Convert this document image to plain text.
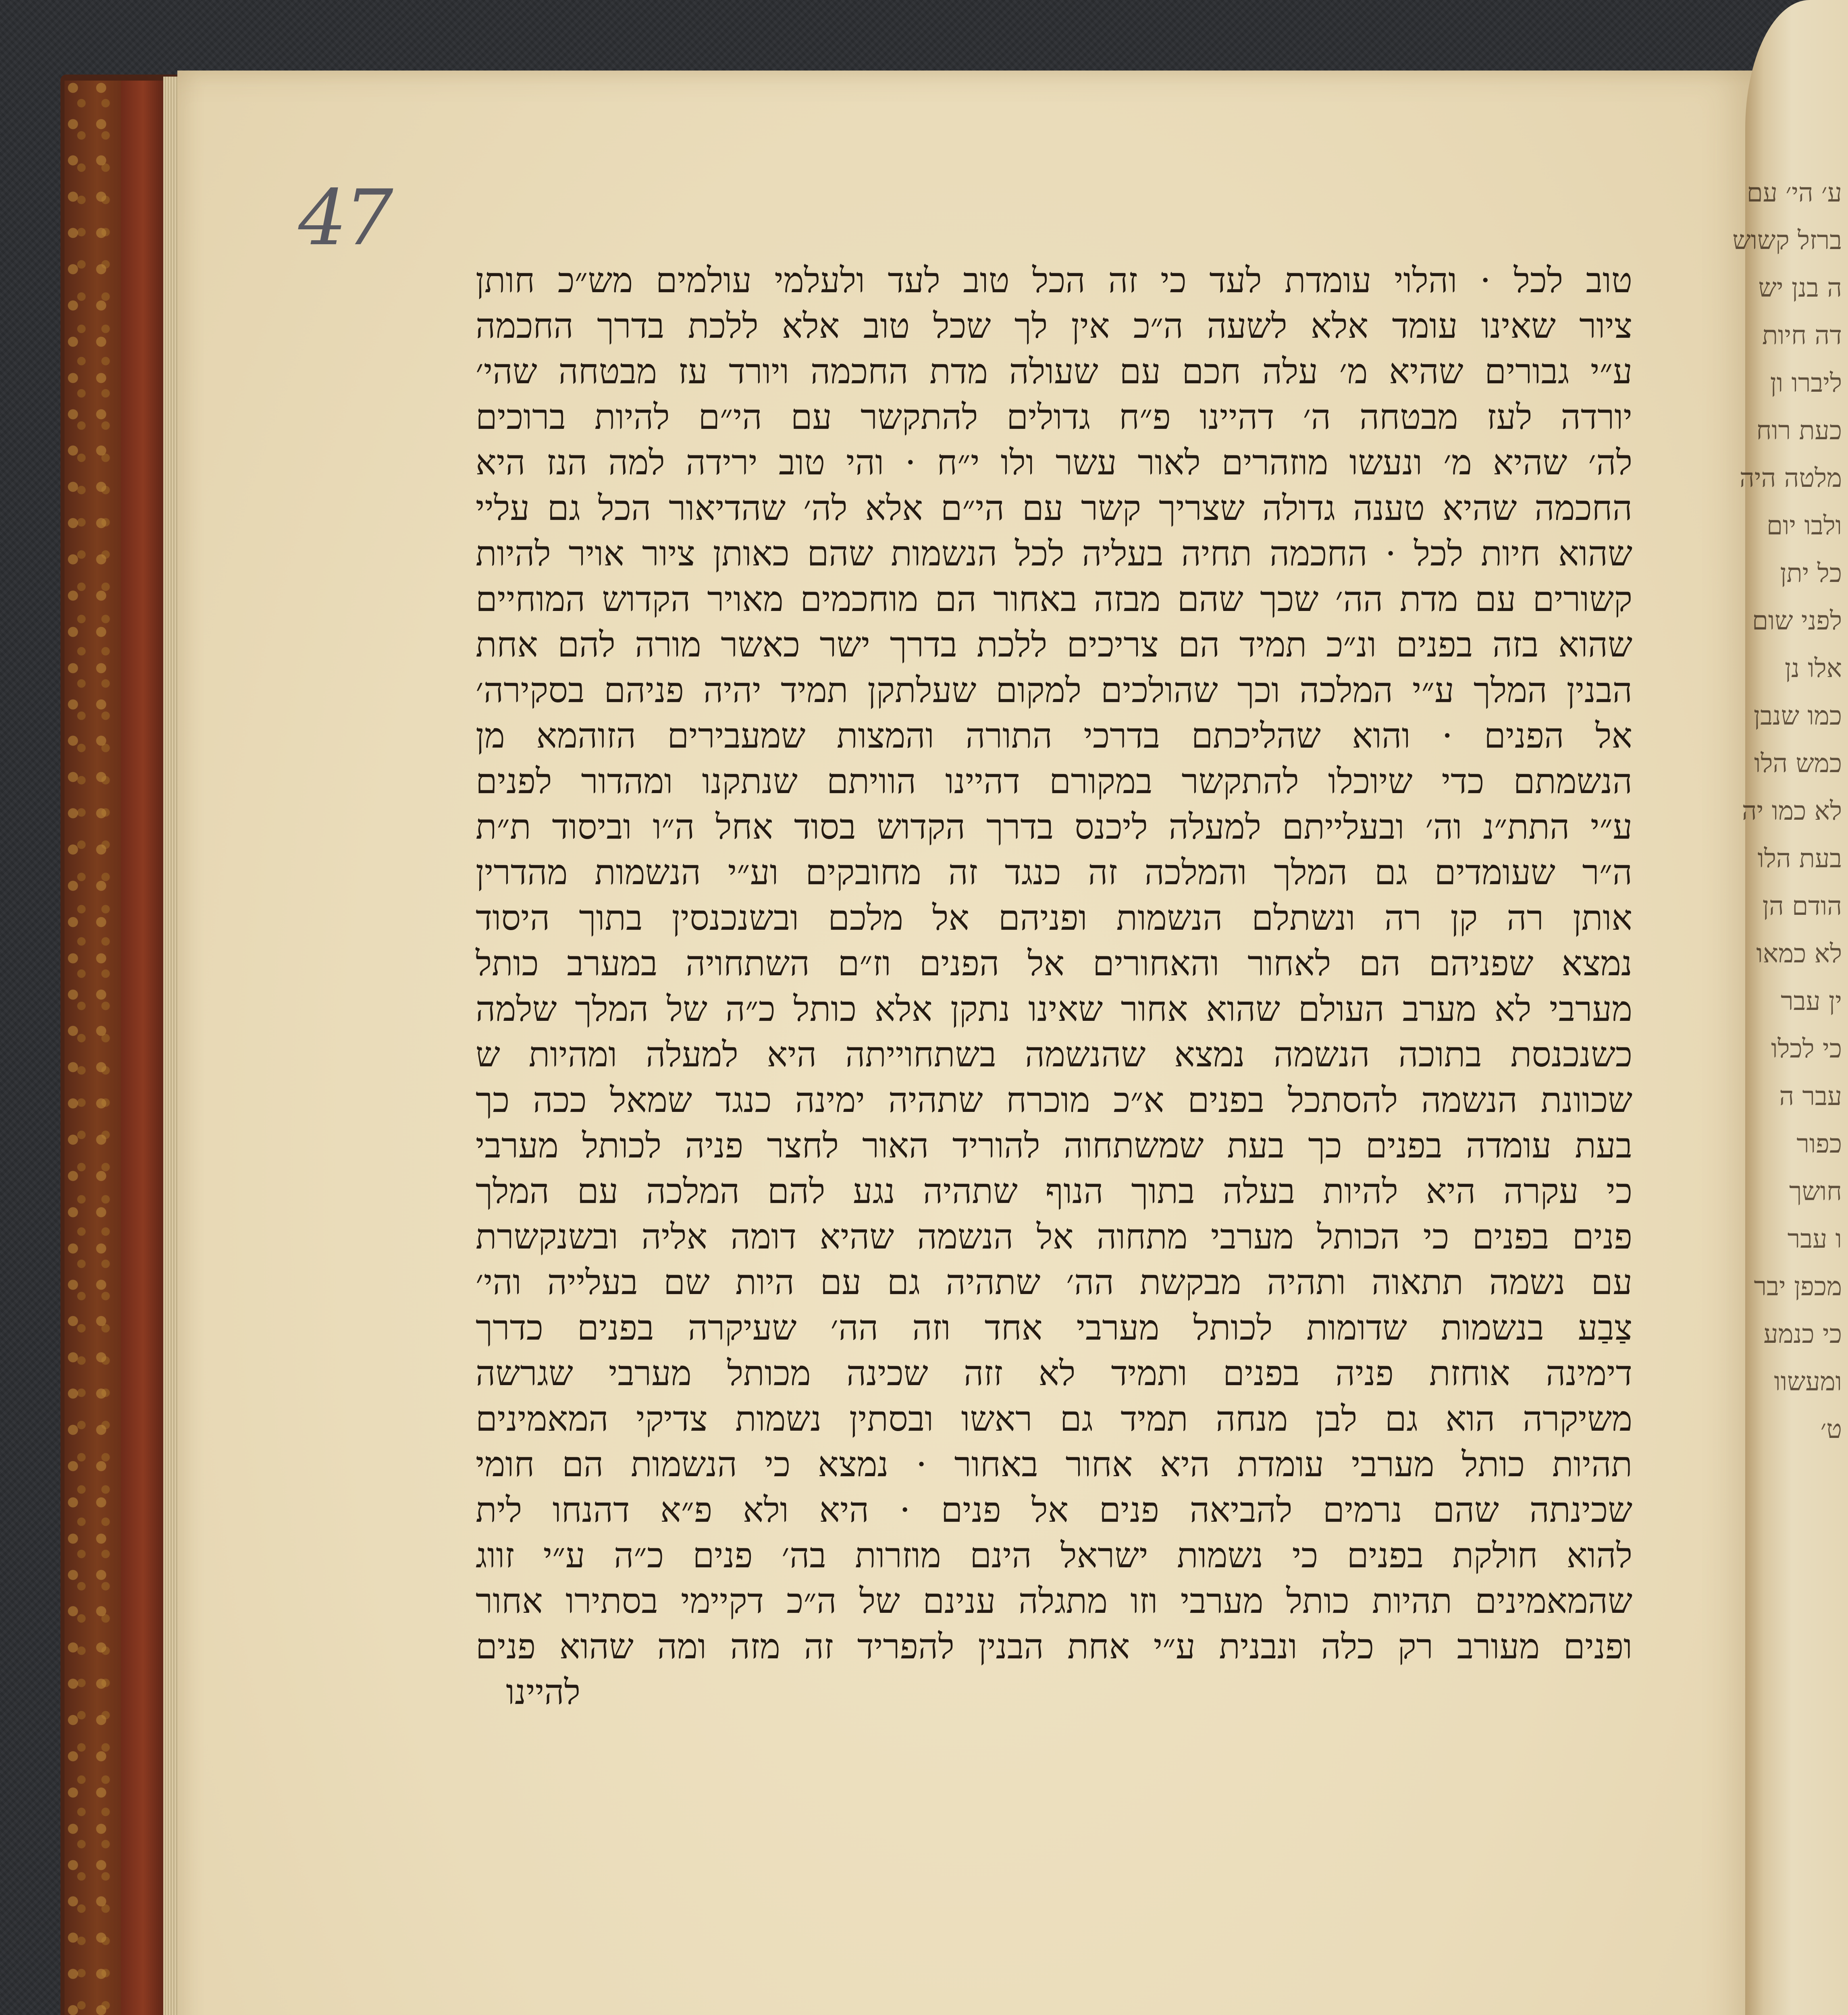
ע׳ הי׳ עם
ברזל קשוש
ה בנן יש
דה חיות
ליברו ון
כעת רוח
מלטה היה
ולבו יום
כל יתן
לפני שום
אלו נן
כמו שנבן
כמש הלו
לא כמו יה
בעת הלו
הודם הן
לא כמאו
ין עבר
כי לכלו
עבר ה
כפור
חושך
ו עבר
מכפן יבר
כי כנמע
ומעשוו
ט׳
47
טוב לכל · והלוי עומדת לעד כי זה הכל טוב לעד ולעלמי עולמים מש״כ חותן
ציור שאינו עומד אלא לשעה ה״כ אין לך שכל טוב אלא ללכת בדרך החכמה
ע״י גבורים שהיא מ׳ עלה חכם עם שעולה מדת החכמה ויורד עז מבטחה שהי׳
יורדה לעז מבטחה ה׳ דהיינו פ״ח גדולים להתקשר עם הי״ם להיות ברוכים
לה׳ שהיא מ׳ ונעשו מוזהרים לאור עשר ולו י״ח · והי טוב ירידה למה הנז היא
החכמה שהיא טענה גדולה שצריך קשר עם הי״ם אלא לה׳ שהדיאור הכל גם עליי
שהוא חיות לכל · החכמה תחיה בעליה לכל הנשמות שהם כאותן ציור אויר להיות
קשורים עם מדת הה׳ שכך שהם מבזה באחור הם מוחכמים מאויר הקדוש המוחיים
שהוא בזה בפנים ונ״כ תמיד הם צריכים ללכת בדרך ישר כאשר מורה להם אחת
הבנין המלך ע״י המלכה וכך שהולכים למקום שעלתקן תמיד יהיה פניהם בסקירה׳
אל הפנים · והוא שהליכתם בדרכי התורה והמצות שמעבירים הזוהמא מן
הנשמתם כדי שיוכלו להתקשר במקורם דהיינו הוויתם שנתקנו ומהדור לפנים
ע״י התת״נ וה׳ ובעלייתם למעלה ליכנס בדרך הקדוש בסוד אחל ה״ו וביסוד ת״ת
ה״ר שעומדים גם המלך והמלכה זה כנגד זה מחובקים וע״י הנשמות מהדרין
אותן רה קן רה ונשתלם הנשמות ופניהם אל מלכם ובשנכנסין בתוך היסוד
נמצא שפניהם הם לאחור והאחורים אל הפנים וז״ם השתחויה במערב כותל
מערבי לא מערב העולם שהוא אחור שאינו נתקן אלא כותל כ״ה של המלך שלמה
כשנכנסת בתוכה הנשמה נמצא שהנשמה בשתחוייתה היא למעלה ומהיות ש
שכוונת הנשמה להסתכל בפנים א״כ מוכרח שתהיה ימינה כנגד שמאל ככה כך
בעת עומדה בפנים כך בעת שמשתחוה להוריד האור לחצר פניה לכותל מערבי
כי עקרה היא להיות בעלה בתוך הנוף שתהיה נגע להם המלכה עם המלך
פנים בפנים כי הכותל מערבי מתחוה אל הנשמה שהיא דומה אליה ובשנקשרת
עם נשמה תתאוה ותהיה מבקשת הה׳ שתהיה גם עם היות שם בעלייה והי׳
צַבַע בנשמות שדומות לכותל מערבי אחד וזה הה׳ שעיקרה בפנים כדרך
דימינה אוחזת פניה בפנים ותמיד לא זזה שכינה מכותל מערבי שגרשה
משיקרה הוא גם לבן מנחה תמיד גם ראשו ובסתין נשמות צדיקי המאמינים
תהיות כותל מערבי עומדת היא אחור באחור · נמצא כי הנשמות הם חומי
שכינתה שהם נרמים להביאה פנים אל פנים · היא ולא פ״א דהנחו לית
להוא חולקת בפנים כי נשמות ישראל הינם מוזרות בה׳ פנים כ״ה ע״י זווג
שהמאמינים תהיות כותל מערבי וזו מתגלה ענינם של ה״כ דקיימי בסתירו אחור
ופנים מעורב רק כלה ונבנית ע״י אחת הבנין להפריד זה מזה ומה שהוא פנים
להיינו
